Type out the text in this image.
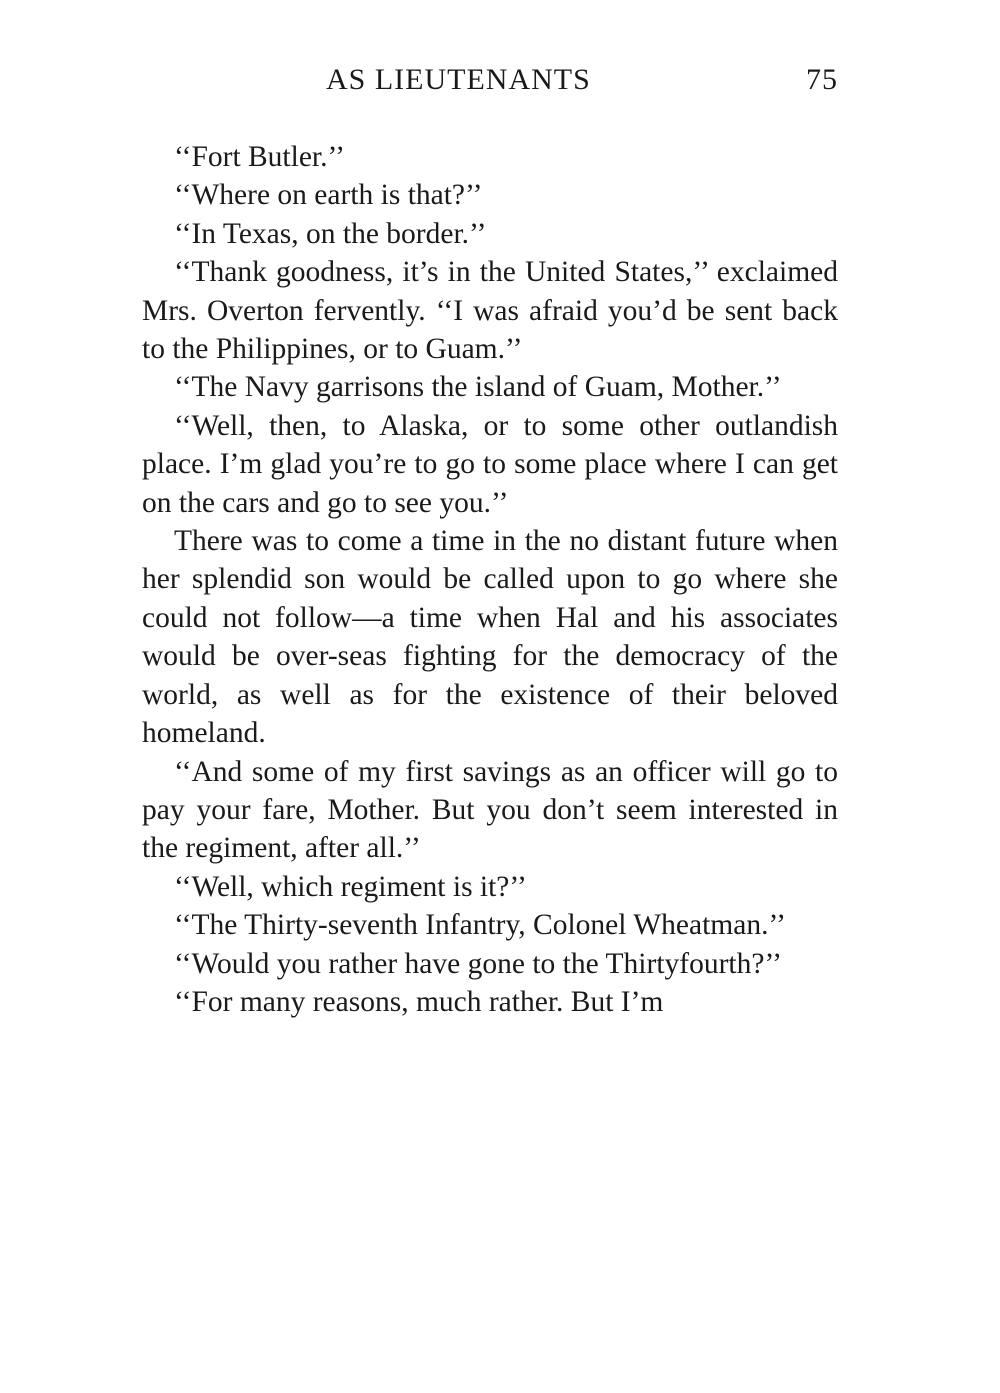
AS LIEUTENANTS	75

‘‘Fort Butler.’’

‘‘Where on earth is that?’’

‘‘In Texas, on the border.’’

‘‘Thank goodness, it’s in the United States,’’ exclaimed Mrs. Overton fervently. ‘‘I was afraid you’d be sent back to the Philippines, or to Guam.’’

‘‘The Navy garrisons the island of Guam, Mother.’’

‘‘Well, then, to Alaska, or to some other outlandish place. I’m glad you’re to go to some place where I can get on the cars and go to see you.’’

There was to come a time in the no distant future when her splendid son would be called upon to go where she could not follow—a time when Hal and his associates would be over-seas fighting for the democracy of the world, as well as for the existence of their beloved homeland.

‘‘And some of my first savings as an officer will go to pay your fare, Mother. But you don’t seem interested in the regiment, after all.’’

‘‘Well, which regiment is it?’’

‘‘The Thirty-seventh Infantry, Colonel Wheatman.’’

‘‘Would you rather have gone to the Thirtyfourth?’’

‘‘For many reasons, much rather. But I’m
